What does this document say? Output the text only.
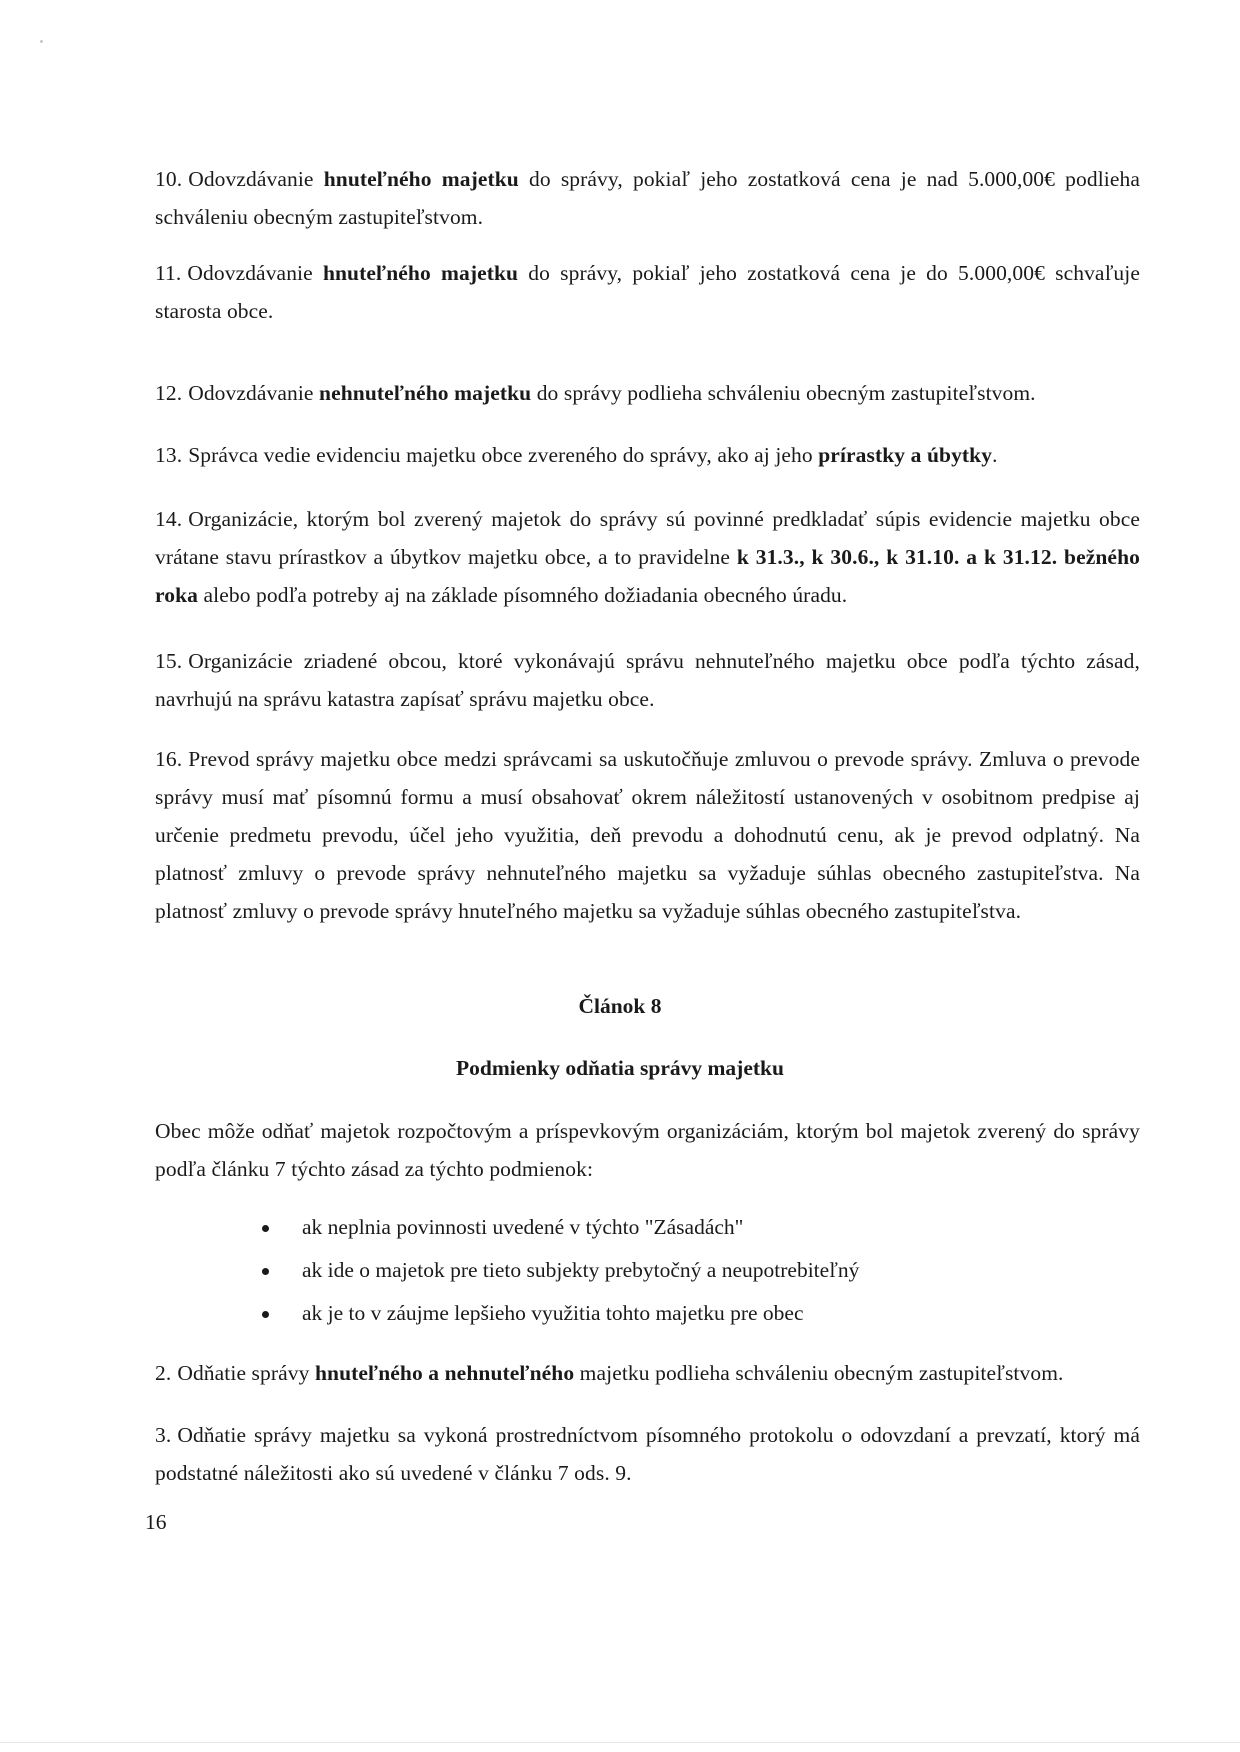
10. Odovzdávanie hnuteľného majetku do správy, pokiaľ jeho zostatková cena je nad 5.000,00€ podlieha schváleniu obecným zastupiteľstvom.
11. Odovzdávanie hnuteľného majetku do správy, pokiaľ jeho zostatková cena je do 5.000,00€ schvaľuje starosta obce.
12. Odovzdávanie nehnuteľného majetku do správy podlieha schváleniu obecným zastupiteľstvom.
13. Správca vedie evidenciu majetku obce zvereného do správy, ako aj jeho prírastky a úbytky.
14. Organizácie, ktorým bol zverený majetok do správy sú povinné predkladať súpis evidencie majetku obce vrátane stavu prírastkov a úbytkov majetku obce, a to pravidelne k 31.3., k 30.6., k 31.10. a k 31.12. bežného roka alebo podľa potreby aj na základe písomného dožiadania obecného úradu.
15. Organizácie zriadené obcou, ktoré vykonávajú správu nehnuteľného majetku obce podľa týchto zásad, navrhujú na správu katastra zapísať správu majetku obce.
16. Prevod správy majetku obce medzi správcami sa uskutočňuje zmluvou o prevode správy. Zmluva o prevode správy musí mať písomnú formu a musí obsahovať okrem náležitostí ustanovených v osobitnom predpise aj určenie predmetu prevodu, účel jeho využitia, deň prevodu a dohodnutú cenu, ak je prevod odplatný. Na platnosť zmluvy o prevode správy nehnuteľného majetku sa vyžaduje súhlas obecného zastupiteľstva. Na platnosť zmluvy o prevode správy hnuteľného majetku sa vyžaduje súhlas obecného zastupiteľstva.
Článok 8
Podmienky odňatia správy majetku
Obec môže odňať majetok rozpočtovým a príspevkovým organizáciám, ktorým bol majetok zverený do správy podľa článku 7 týchto zásad za týchto podmienok:
ak neplnia povinnosti uvedené v týchto "Zásadách"
ak ide o majetok pre tieto subjekty prebytočný a neupotrebiteľný
ak je to v záujme lepšieho využitia tohto majetku pre obec
2. Odňatie správy hnuteľného a nehnuteľného majetku podlieha schváleniu obecným zastupiteľstvom.
3. Odňatie správy majetku sa vykoná prostredníctvom písomného protokolu o odovzdaní a prevzatí, ktorý má podstatné náležitosti ako sú uvedené v článku 7 ods. 9.
16
